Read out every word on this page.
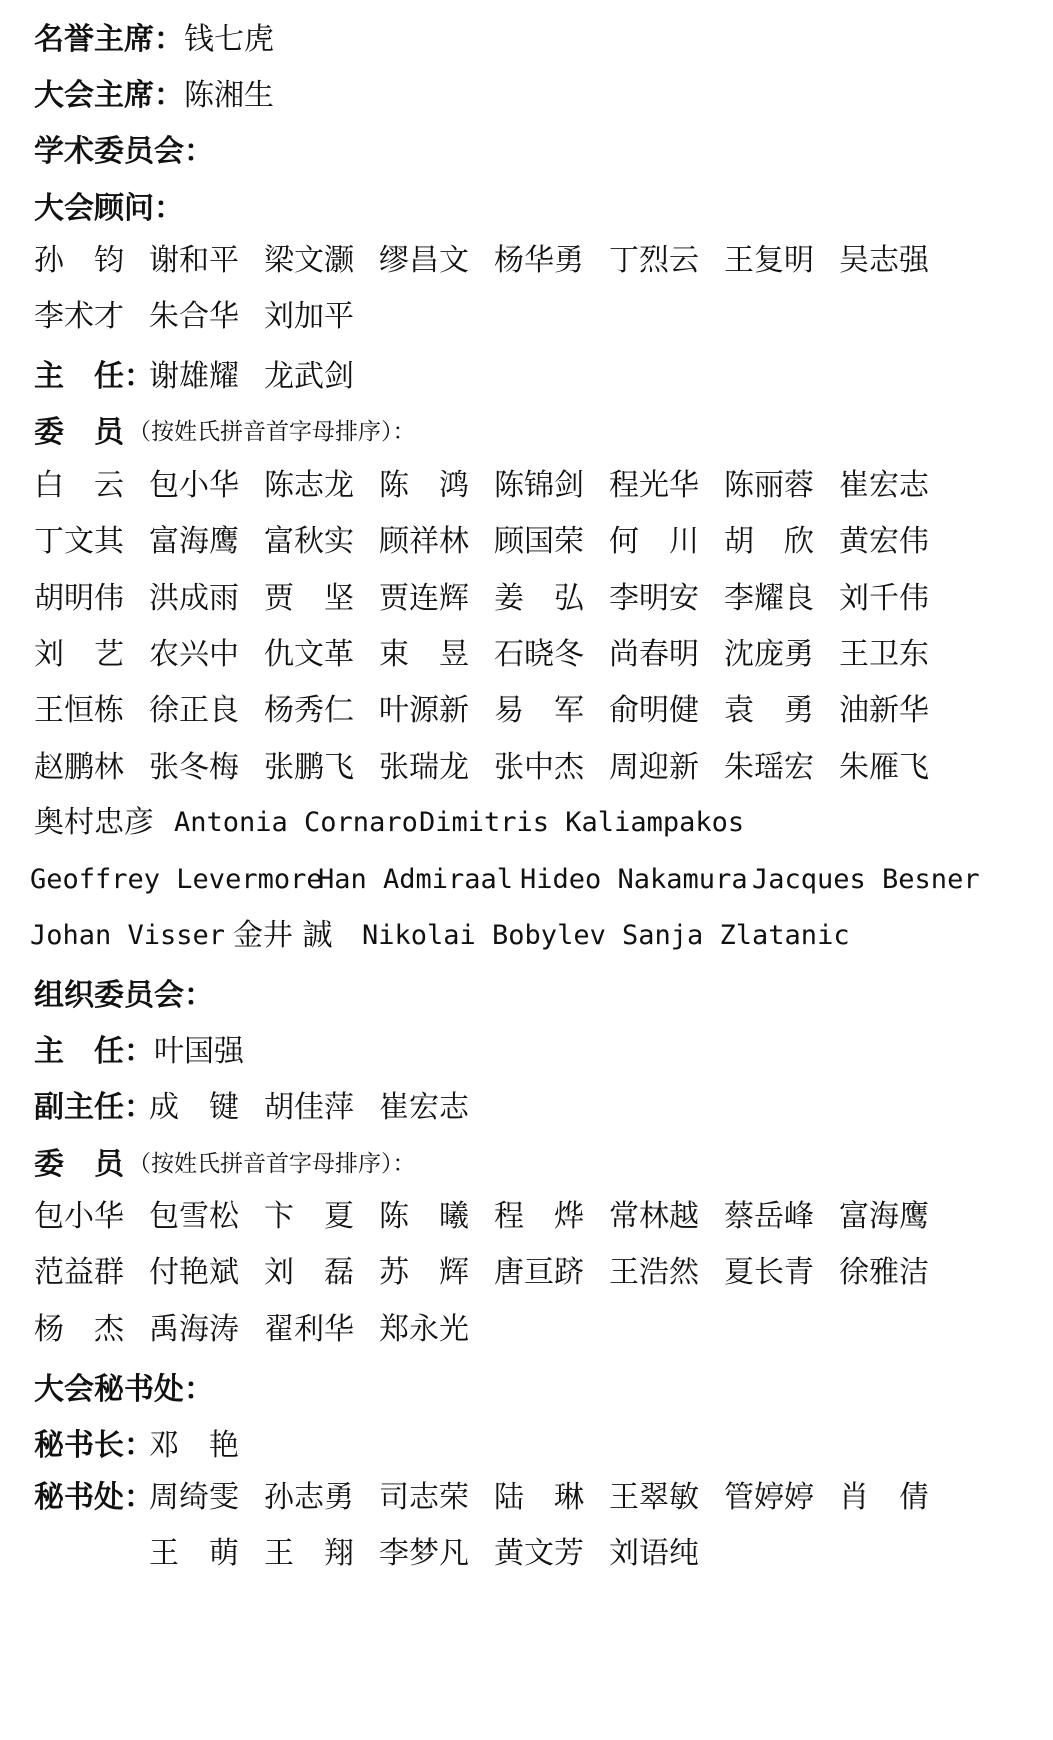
名誉主席： 钱七虎
大会主席： 陈湘生
学术委员会：
大会顾问：
孙　钧 谢和平 梁文灏 缪昌文 杨华勇 丁烈云 王复明 吴志强
李术才 朱合华 刘加平
主　任：
谢雄耀 龙武剑
委　员 （按姓氏拼音首字母排序）：
白　云 包小华 陈志龙 陈　鸿 陈锦剑 程光华 陈丽蓉 崔宏志
丁文其 富海鹰 富秋实 顾祥林 顾国荣 何　川 胡　欣 黄宏伟
胡明伟 洪成雨 贾　坚 贾连辉 姜　弘 李明安 李耀良 刘千伟
刘　艺 农兴中 仇文革 束　昱 石晓冬 尚春明 沈庞勇 王卫东
王恒栋 徐正良 杨秀仁 叶源新 易　军 俞明健 袁　勇 油新华
赵鹏林 张冬梅 张鹏飞 张瑞龙 张中杰 周迎新 朱瑶宏 朱雁飞
奥村忠彦 Antonia Cornaro Dimitris Kaliampakos
Geoffrey Levermore
Han Admiraal Hideo Nakamura Jacques Besner
Johan Visser 金井 誠 Nikolai Bobylev Sanja Zlatanic
组织委员会：
主　任： 叶国强
副主任：
成　键 胡佳萍 崔宏志
委　员 （按姓氏拼音首字母排序）：
包小华 包雪松 卞　夏 陈　曦 程　烨 常林越 蔡岳峰 富海鹰
范益群 付艳斌 刘　磊 苏　辉 唐亘跻 王浩然 夏长青 徐雅洁
杨　杰 禹海涛 翟利华 郑永光
大会秘书处：
秘书长：
邓　艳
秘书处：
周绮雯 孙志勇 司志荣 陆　琳 王翠敏 管婷婷 肖　倩
王　萌 王　翔 李梦凡 黄文芳 刘语纯
